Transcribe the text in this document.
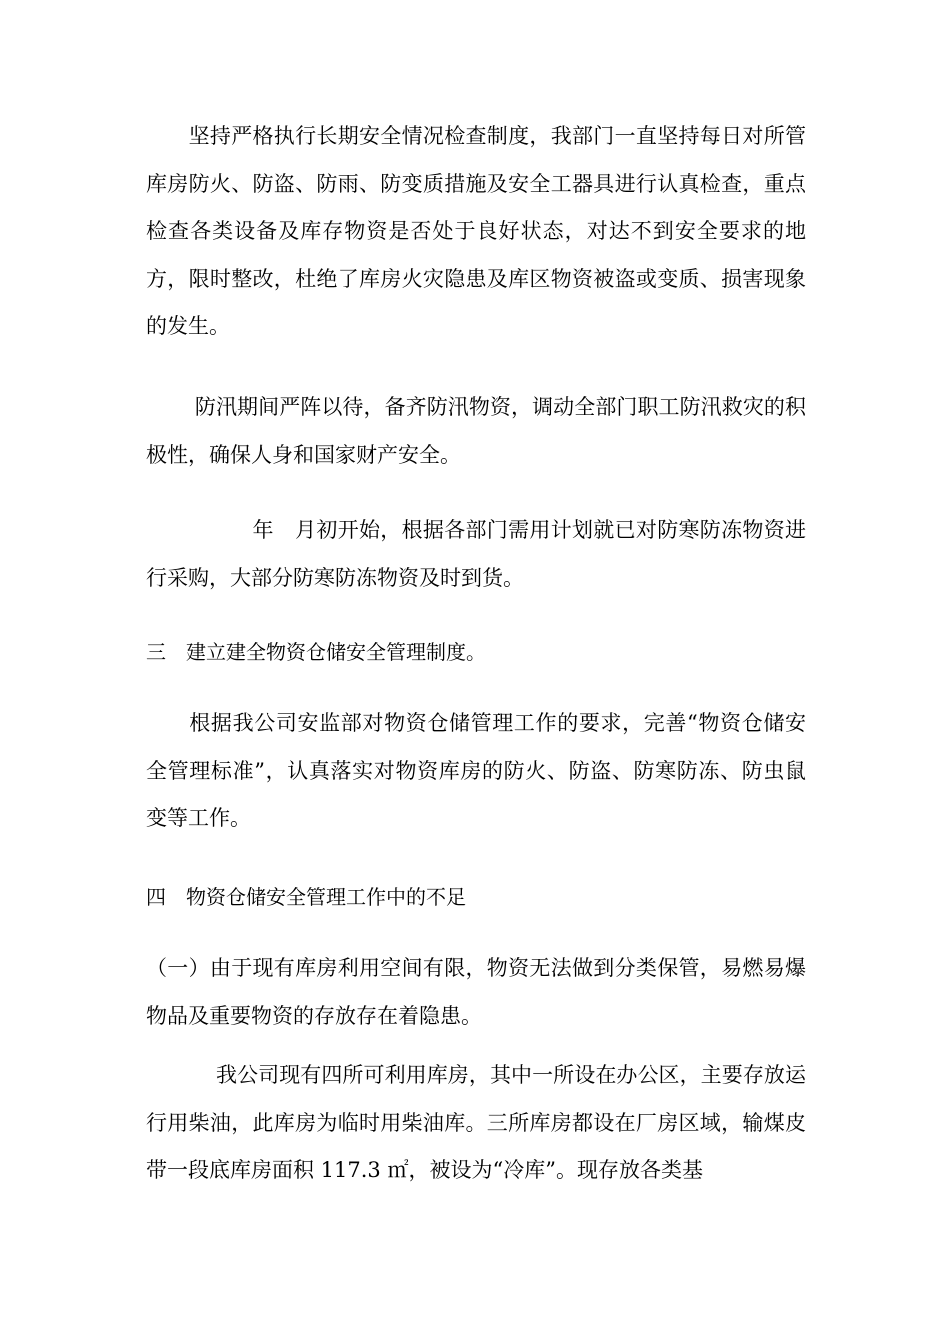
　　坚持严格执行长期安全情况检查制度，我部门一直坚持每日对所管库房防火、防盗、防雨、防变质措施及安全工器具进行认真检查，重点检查各类设备及库存物资是否处于良好状态，对达不到安全要求的地方，限时整改，杜绝了库房火灾隐患及库区物资被盗或变质、损害现象的发生。

　　 防汛期间严阵以待，备齐防汛物资，调动全部门职工防汛救灾的积极性，确保人身和国家财产安全。

　　　　　年　月初开始，根据各部门需用计划就已对防寒防冻物资进行采购，大部分防寒防冻物资及时到货。

三　建立建全物资仓储安全管理制度。

　　根据我公司安监部对物资仓储管理工作的要求，完善“物资仓储安全管理标准”，认真落实对物资库房的防火、防盗、防寒防冻、防虫鼠变等工作。

四　物资仓储安全管理工作中的不足

（一）由于现有库房利用空间有限，物资无法做到分类保管，易燃易爆物品及重要物资的存放存在着隐患。

　　　 我公司现有四所可利用库房，其中一所设在办公区，主要存放运行用柴油，此库房为临时用柴油库。三所库房都设在厂房区域，输煤皮带一段底库房面积 117.3 ㎡，被设为“冷库”。现存放各类基
